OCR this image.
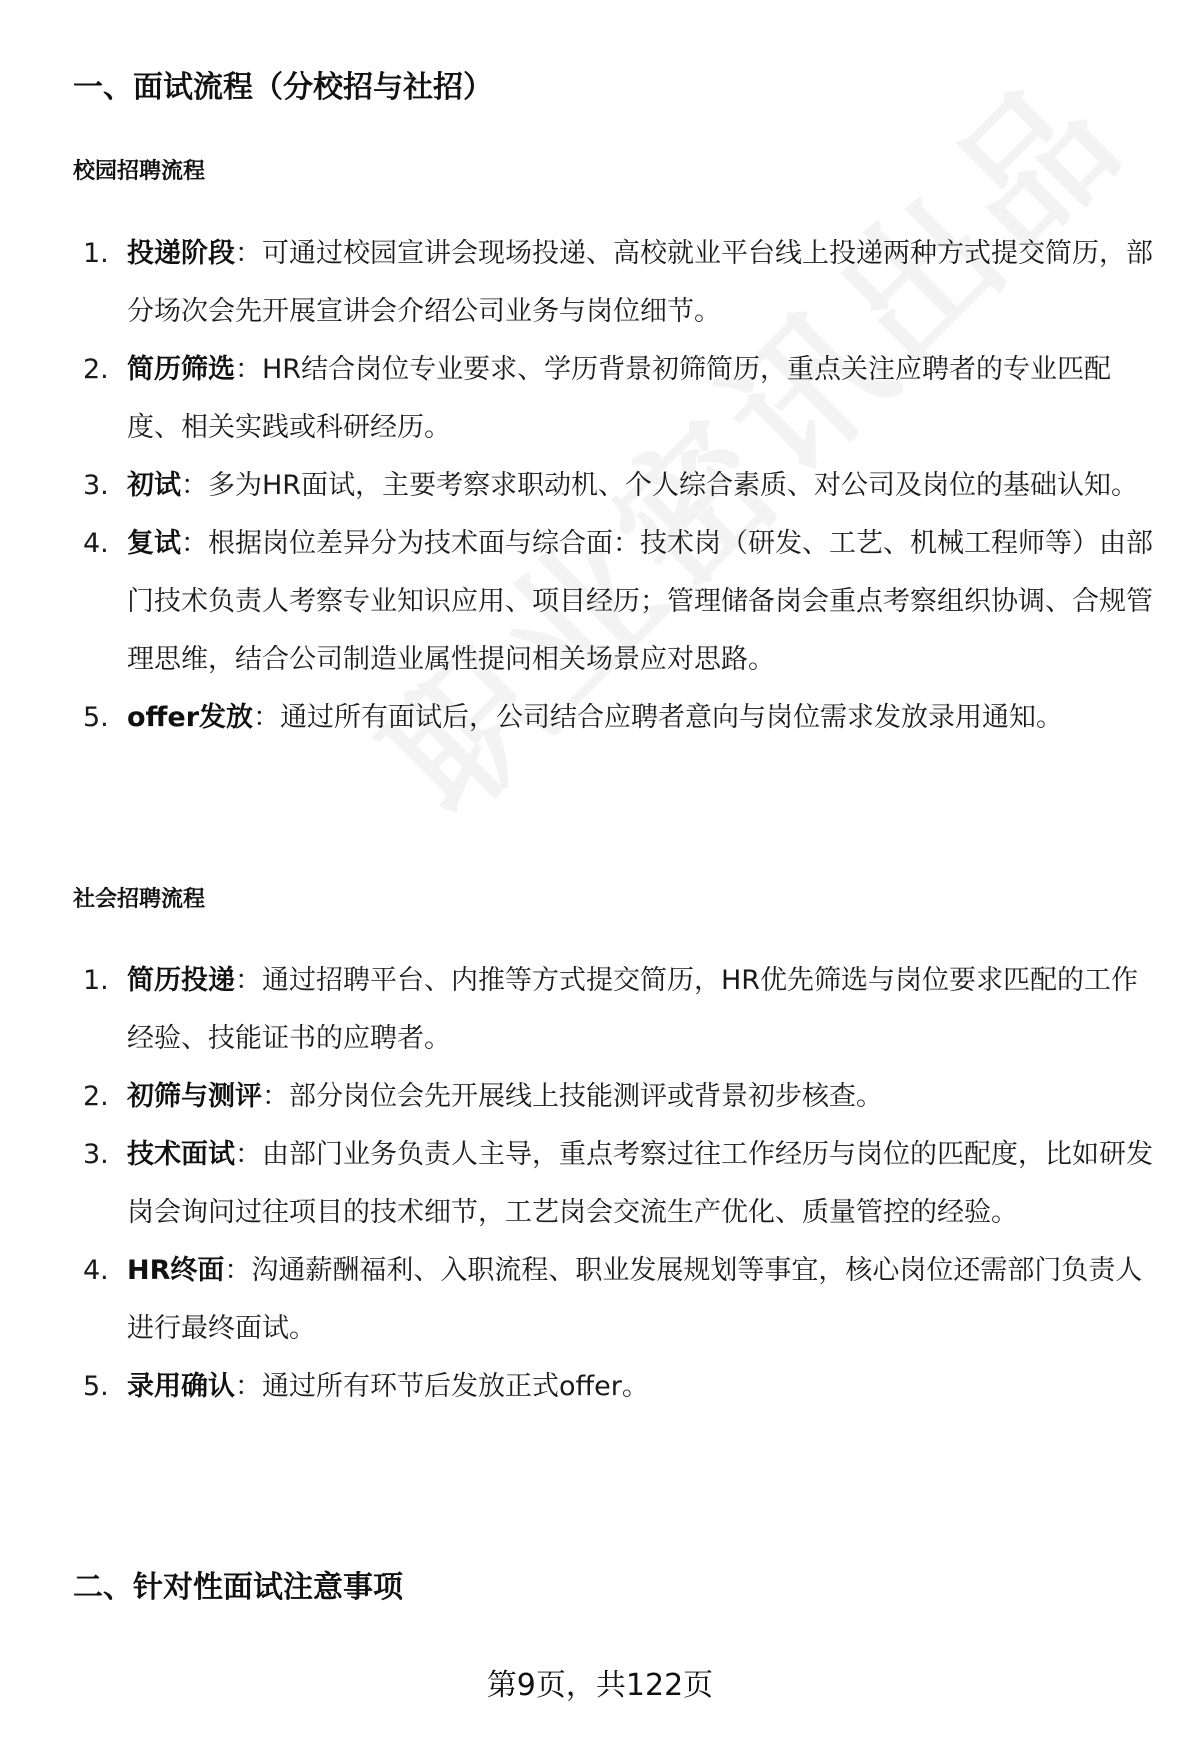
一、面试流程（分校招与社招）
校园招聘流程
1. 投递阶段：可通过校园宣讲会现场投递、高校就业平台线上投递两种方式提交简历，部分场次会先开展宣讲会介绍公司业务与岗位细节。
2. 简历筛选：HR结合岗位专业要求、学历背景初筛简历，重点关注应聘者的专业匹配度、相关实践或科研经历。
3. 初试：多为HR面试，主要考察求职动机、个人综合素质、对公司及岗位的基础认知。
4. 复试：根据岗位差异分为技术面与综合面：技术岗（研发、工艺、机械工程师等）由部门技术负责人考察专业知识应用、项目经历；管理储备岗会重点考察组织协调、合规管理思维，结合公司制造业属性提问相关场景应对思路。
5. offer发放：通过所有面试后，公司结合应聘者意向与岗位需求发放录用通知。
社会招聘流程
1. 简历投递：通过招聘平台、内推等方式提交简历，HR优先筛选与岗位要求匹配的工作经验、技能证书的应聘者。
2. 初筛与测评：部分岗位会先开展线上技能测评或背景初步核查。
3. 技术面试：由部门业务负责人主导，重点考察过往工作经历与岗位的匹配度，比如研发岗会询问过往项目的技术细节，工艺岗会交流生产优化、质量管控的经验。
4. HR终面：沟通薪酬福利、入职流程、职业发展规划等事宜，核心岗位还需部门负责人进行最终面试。
5. 录用确认：通过所有环节后发放正式offer。
二、针对性面试注意事项
第9页，共122页
